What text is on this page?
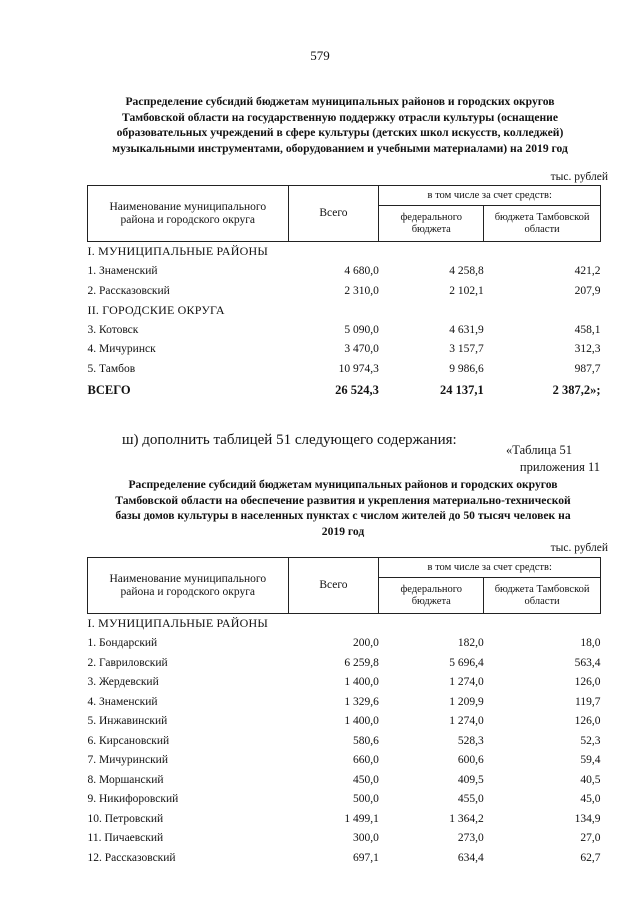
579
Распределение субсидий бюджетам муниципальных районов и городских округов Тамбовской области на государственную поддержку отрасли культуры (оснащение образовательных учреждений в сфере культуры (детских школ искусств, колледжей) музыкальными инструментами, оборудованием и учебными материалами) на 2019 год
тыс. рублей
Наименование муниципального района и городского округа	Всего	в том числе за счет средств:	
		федерального бюджета	бюджета Тамбовской области
I. МУНИЦИПАЛЬНЫЕ РАЙОНЫ			
1. Знаменский	4 680,0	4 258,8	421,2
2. Рассказовский	2 310,0	2 102,1	207,9
II. ГОРОДСКИЕ ОКРУГА			
3. Котовск	5 090,0	4 631,9	458,1
4. Мичуринск	3 470,0	3 157,7	312,3
5. Тамбов	10 974,3	9 986,6	987,7
ВСЕГО	26 524,3	24 137,1	2 387,2»;
ш) дополнить таблицей 51 следующего содержания:
«Таблица 51
приложения 11
Распределение субсидий бюджетам муниципальных районов и городских округов Тамбовской области на обеспечение развития и укрепления материально-технической базы домов культуры в населенных пунктах с числом жителей до 50 тысяч человек на 2019 год
тыс. рублей
Наименование муниципального района и городского округа	Всего	в том числе за счет средств:	
		федерального бюджета	бюджета Тамбовской области
I. МУНИЦИПАЛЬНЫЕ РАЙОНЫ			
1. Бондарский	200,0	182,0	18,0
2. Гавриловский	6 259,8	5 696,4	563,4
3. Жердевский	1 400,0	1 274,0	126,0
4. Знаменский	1 329,6	1 209,9	119,7
5. Инжавинский	1 400,0	1 274,0	126,0
6. Кирсановский	580,6	528,3	52,3
7. Мичуринский	660,0	600,6	59,4
8. Моршанский	450,0	409,5	40,5
9. Никифоровский	500,0	455,0	45,0
10. Петровский	1 499,1	1 364,2	134,9
11. Пичаевский	300,0	273,0	27,0
12. Рассказовский	697,1	634,4	62,7
